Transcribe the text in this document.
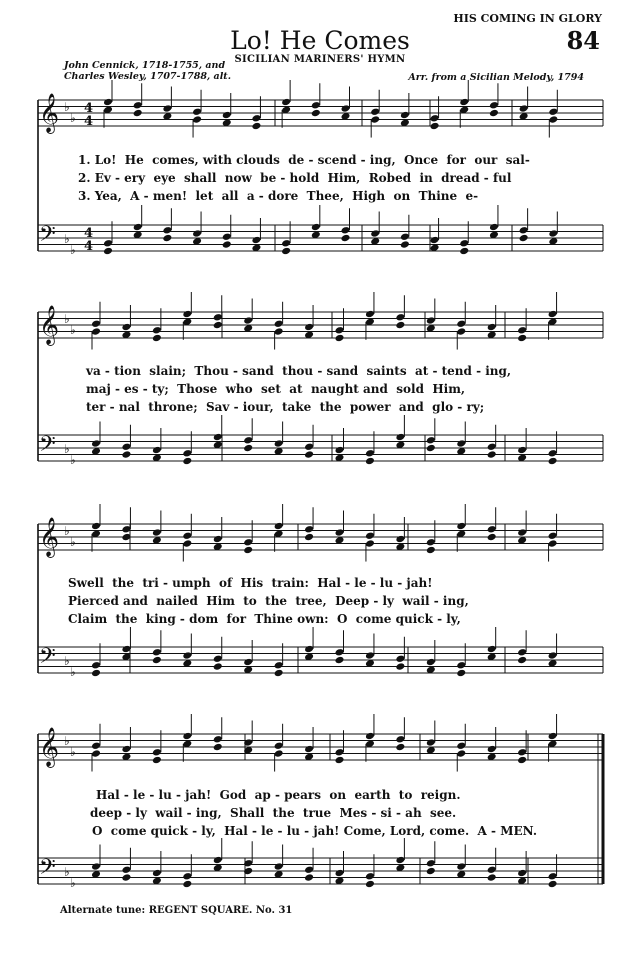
HIS COMING IN GLORY
84
Lo! He Comes
SICILIAN MARINERS' HYMN
John Cennick, 1718-1755, and
Charles Wesley, 1707-1788, alt.	Arr. from a Sicilian Melody, 1794
𝄞 ♭
♭
𝄢 ♭
♭
4
4
4
4
𝄞 ♭
♭
𝄢 ♭
♭
𝄞 ♭
♭
𝄢 ♭
♭
𝄞 ♭
♭
𝄢 ♭
♭

1. Lo!  He  comes, with clouds  de - scend - ing,  Once  for  our  sal-

2. Ev - ery  eye  shall  now  be - hold  Him,  Robed  in  dread - ful

3. Yea,  A - men!  let  all  a - dore  Thee,  High  on  Thine  e-

va - tion  slain;  Thou - sand  thou - sand  saints  at - tend - ing,

maj - es - ty;  Those  who  set  at  naught and  sold  Him,

ter - nal  throne;  Sav - iour,  take  the  power  and  glo - ry;

Swell  the  tri - umph  of  His  train:  Hal - le - lu - jah!

Pierced and  nailed  Him  to  the  tree,  Deep - ly  wail - ing,

Claim  the  king - dom  for  Thine own:  O  come quick - ly,

Hal - le - lu - jah!  God  ap - pears  on  earth  to  reign.

deep - ly  wail - ing,  Shall  the  true  Mes - si - ah  see.

O  come quick - ly,  Hal - le - lu - jah! Come, Lord, come.  A - MEN.

Alternate tune: REGENT SQUARE. No. 31
